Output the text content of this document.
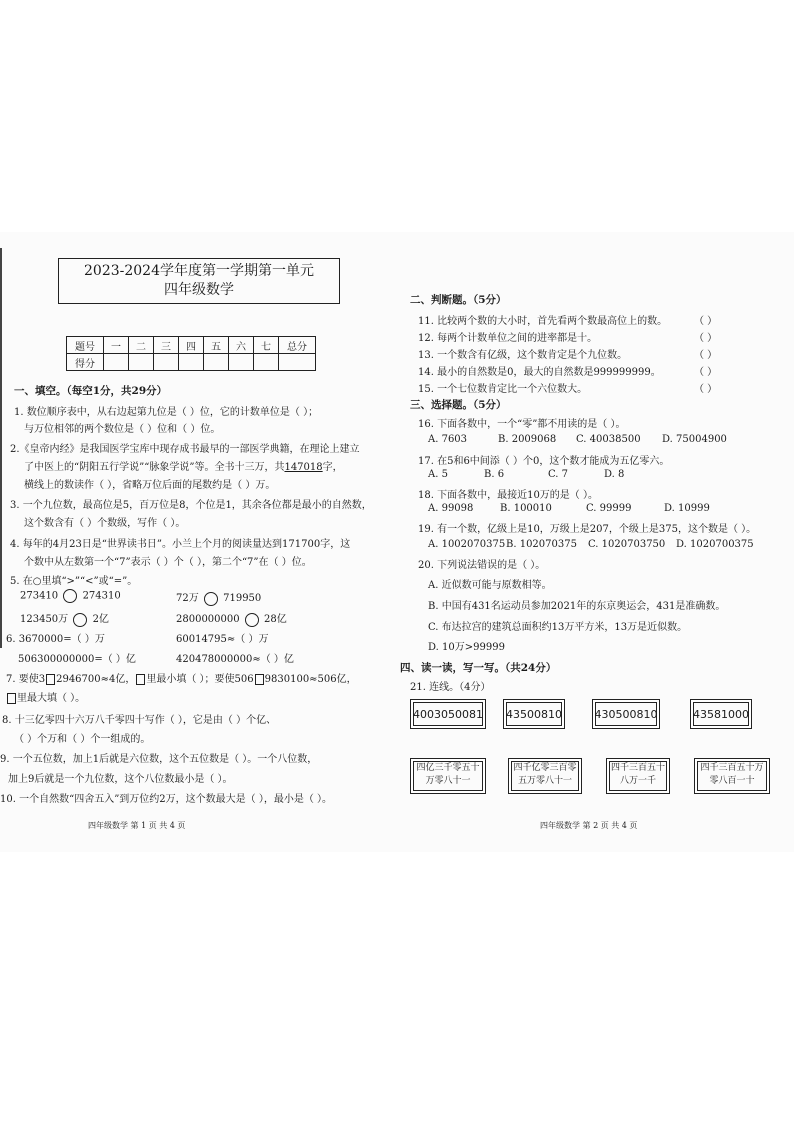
2023-2024学年度第一学期第一单元
四年级数学
题号	一	二	三	四	五	六	七	总分
得分								
一、填空。（每空1分，共29分）
1. 数位顺序表中，从右边起第九位是（ ）位，它的计数单位是（ ）；
与万位相邻的两个数位是（ ）位和（ ）位。
2.《皇帝内经》是我国医学宝库中现存成书最早的一部医学典籍，在理论上建立
了中医上的“阴阳五行学说”“脉象学说”等。全书十三万，共147018字，
横线上的数读作（ ），省略万位后面的尾数约是（ ）万。
3. 一个九位数，最高位是5，百万位是8，个位是1，其余各位都是最小的自然数，
这个数含有（ ）个数级，写作（ ）。
4. 每年的4月23日是“世界读书日”。小兰上个月的阅读量达到171700字，这
个数中从左数第一个“7”表示（ ）个（ ），第二个“7”在（ ）位。
5. 在○里填“>”“<”或“=”。
273410 274310	72万 719950
123450万 2亿	2800000000 28亿
6. 3670000=（ ）万	60014795≈（ ）万
506300000000=（ ）亿	420478000000≈（ ）亿
7. 要使3 2946700≈4亿， 里最小填（ ）；要使506 9830100≈506亿，
里最大填（ ）。
8. 十三亿零四十六万八千零四十写作（ ），它是由（ ）个亿、
（ ）个万和（ ）个一组成的。
9. 一个五位数，加上1后就是六位数，这个五位数是（ ）。一个八位数，
加上9后就是一个九位数，这个八位数最小是（ ）。
10. 一个自然数“四舍五入”到万位约2万，这个数最大是（ ），最小是（ ）。
四年级数学 第 1 页 共 4 页
二、判断题。（5分）
11. 比较两个数的大小时，首先看两个数最高位上的数。	（ ）
12. 每两个计数单位之间的进率都是十。	（ ）
13. 一个数含有亿级，这个数肯定是个九位数。	（ ）
14. 最小的自然数是0，最大的自然数是999999999。	（ ）
15. 一个七位数肯定比一个六位数大。	（ ）
三、选择题。（5分）
16. 下面各数中，一个“零”都不用读的是（ ）。
A. 7603	B. 2009068 C. 40038500 D. 75004900
17. 在5和6中间添（ ）个0，这个数才能成为五亿零六。
A. 5	B. 6	C. 7	D. 8
18. 下面各数中，最接近10万的是（ ）。
A. 99098	B. 100010	C. 99999	D. 10999
19. 有一个数，亿级上是10，万级上是207，个级上是375，这个数是（ ）。
A. 1002070375 B. 102070375 C. 1020703750 D. 1020700375
20. 下列说法错误的是（ ）。
A. 近似数可能与原数相等。
B. 中国有431名运动员参加2021年的东京奥运会，431是准确数。
C. 布达拉宫的建筑总面积约13万平方米，13万是近似数。
D. 10万>99999
四、读一读，写一写。（共24分）
21. 连线。（4分）
4003050081 43500810	430500810	43581000
四亿三千零五十万零八十一
四千亿零三百零五万零八十一
四千三百五十八万一千
四千三百五十万零八百一十
四年级数学 第 2 页 共 4 页
